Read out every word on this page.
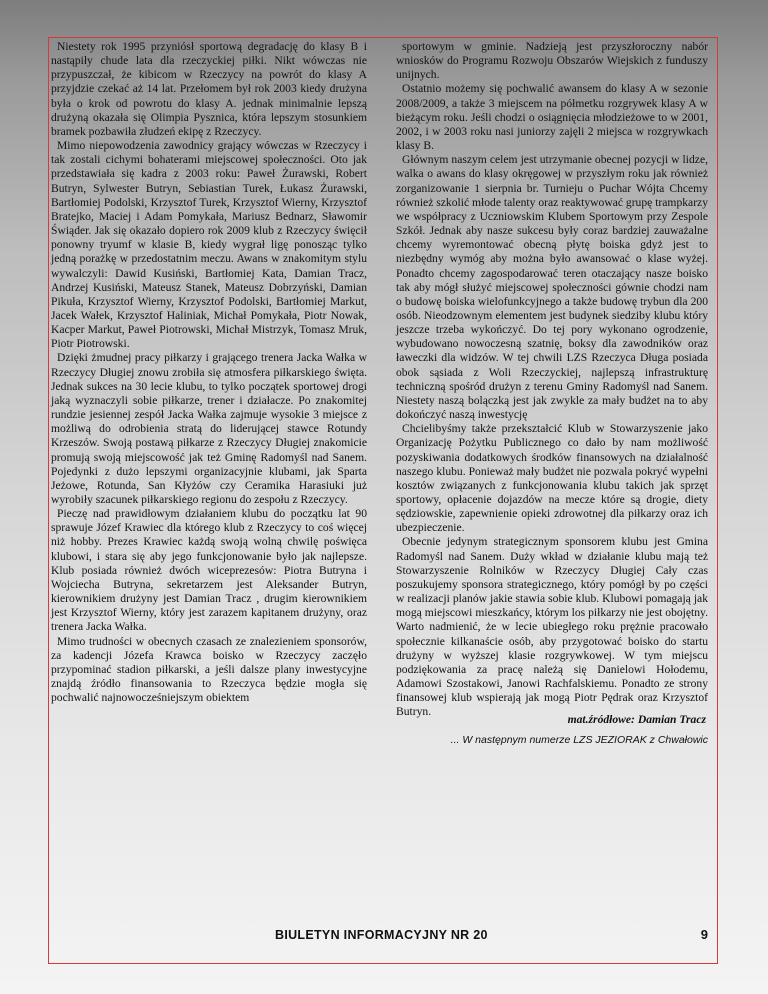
Niestety rok 1995 przyniósł sportową degradację do klasy B i nastąpiły chude lata dla rzeczyckiej piłki. Nikt wówczas nie przypuszczał, że kibicom w Rzeczycy na powrót do klasy A przyjdzie czekać aż 14 lat. Przełomem był rok 2003 kiedy drużyna była o krok od powrotu do klasy A. jednak minimalnie lepszą drużyną okazała się Olimpia Pysznica, która lepszym stosunkiem bramek pozbawiła złudzeń ekipę z Rzeczycy.

Mimo niepowodzenia zawodnicy grający wówczas w Rzeczycy i tak zostali cichymi bohaterami miejscowej społeczności. Oto jak przedstawiała się kadra z 2003 roku: Paweł Żurawski, Robert Butryn, Sylwester Butryn, Sebiastian Turek, Łukasz Żurawski, Bartłomiej Podolski, Krzysztof Turek, Krzysztof Wierny, Krzysztof Bratejko, Maciej i Adam Pomykała, Mariusz Bednarz, Sławomir Świąder. Jak się okazało dopiero rok 2009 klub z Rzeczycy święcił ponowny tryumf w klasie B, kiedy wygrał ligę ponosząc tylko jedną porażkę w przedostatnim meczu. Awans w znakomitym stylu wywalczyli: Dawid Kusiński, Bartłomiej Kata, Damian Tracz, Andrzej Kusiński, Mateusz Stanek, Mateusz Dobrzyński, Damian Pikuła, Krzysztof Wierny, Krzysztof Podolski, Bartłomiej Markut, Jacek Wałek, Krzysztof Haliniak, Michał Pomykała, Piotr Nowak, Kacper Markut, Paweł Piotrowski, Michał Mistrzyk, Tomasz Mruk, Piotr Piotrowski.

Dzięki żmudnej pracy piłkarzy i grającego trenera Jacka Wałka w Rzeczycy Długiej znowu zrobiła się atmosfera piłkarskiego święta. Jednak sukces na 30 lecie klubu, to tylko początek sportowej drogi jaką wyznaczyli sobie piłkarze, trener i działacze. Po znakomitej rundzie jesiennej zespół Jacka Wałka zajmuje wysokie 3 miejsce z możliwą do odrobienia stratą do liderującej stawce Rotundy Krzeszów. Swoją postawą piłkarze z Rzeczycy Długiej znakomicie promują swoją miejscowość jak też Gminę Radomyśl nad Sanem. Pojedynki z dużo lepszymi organizacyjnie klubami, jak Sparta Jeżowe, Rotunda, San Kłyżów czy Ceramika Harasiuki już wyrobiły szacunek piłkarskiego regionu do zespołu z Rzeczycy.

Pieczę nad prawidłowym działaniem klubu do początku lat 90 sprawuje Józef Krawiec dla którego klub z Rzeczycy to coś więcej niż hobby. Prezes Krawiec każdą swoją wolną chwilę poświęca klubowi, i stara się aby jego funkcjonowanie było jak najlepsze. Klub posiada również dwóch wiceprezesów: Piotra Butryna i Wojciecha Butryna, sekretarzem jest Aleksander Butryn, kierownikiem drużyny jest Damian Tracz , drugim kierownikiem jest Krzysztof Wierny, który jest zarazem kapitanem drużyny, oraz trenera Jacka Wałka.

Mimo trudności w obecnych czasach ze znalezieniem sponsorów, za kadencji Józefa Krawca boisko w Rzeczycy zaczęło przypominać stadion piłkarski, a jeśli dalsze plany inwestycyjne znajdą źródło finansowania to Rzeczyca będzie mogła się pochwalić najnowocześniejszym obiektem

sportowym w gminie. Nadzieją jest przyszłoroczny nabór wniosków do Programu Rozwoju Obszarów Wiejskich z funduszy unijnych.

Ostatnio możemy się pochwalić awansem do klasy A w sezonie 2008/2009, a także 3 miejscem na półmetku rozgrywek klasy A w bieżącym roku. Jeśli chodzi o osiągnięcia młodzieżowe to w 2001, 2002, i w 2003 roku nasi juniorzy zajęli 2 miejsca w rozgrywkach klasy B.

Głównym naszym celem jest utrzymanie obecnej pozycji w lidze, walka o awans do klasy okręgowej w przyszłym roku jak również zorganizowanie 1 sierpnia br. Turnieju o Puchar Wójta Chcemy również szkolić młode talenty oraz reaktywować grupę trampkarzy we współpracy z Uczniowskim Klubem Sportowym przy Zespole Szkół. Jednak aby nasze sukcesu były coraz bardziej zauważalne chcemy wyremontować obecną płytę boiska gdyż jest to niezbędny wymóg aby można było awansować o klase wyżej. Ponadto chcemy zagospodarować teren otaczający nasze boisko tak aby mógł służyć miejscowej społeczności gównie chodzi nam o budowę boiska wielofunkcyjnego a także budowę trybun dla 200 osób. Nieodzownym elementem jest budynek siedziby klubu który jeszcze trzeba wykończyć. Do tej pory wykonano ogrodzenie, wybudowano nowoczesną szatnię, boksy dla zawodników oraz ławeczki dla widzów. W tej chwili LZS Rzeczyca Długa posiada obok sąsiada z Woli Rzeczyckiej, najlepszą infrastrukturę techniczną spośród drużyn z terenu Gminy Radomyśl nad Sanem. Niestety naszą bolączką jest jak zwykle za mały budżet na to aby dokończyć naszą inwestycję

Chcielibyśmy także przekształcić Klub w Stowarzyszenie jako Organizację Pożytku Publicznego co dało by nam możliwość pozyskiwania dodatkowych środków finansowych na działalność naszego klubu. Ponieważ mały budżet nie pozwala pokryć wypełni kosztów związanych z funkcjonowania klubu takich jak sprzęt sportowy, opłacenie dojazdów na mecze które są drogie, diety sędziowskie, zapewnienie opieki zdrowotnej dla piłkarzy oraz ich ubezpieczenie.

Obecnie jedynym strategicznym sponsorem klubu jest Gmina Radomyśl nad Sanem. Duży wkład w działanie klubu mają też Stowarzyszenie Rolników w Rzeczycy Długiej Cały czas poszukujemy sponsora strategicznego, który pomógł by po części w realizacji planów jakie stawia sobie klub. Klubowi pomagają jak mogą miejscowi mieszkańcy, którym los piłkarzy nie jest obojętny. Warto nadmienić, że w lecie ubiegłego roku prężnie pracowało społecznie kilkanaście osób, aby przygotować boisko do startu drużyny w wyższej klasie rozgrywkowej. W tym miejscu podziękowania za pracę należą się Danielowi Hołodemu, Adamowi Szostakowi, Janowi Rachfalskiemu. Ponadto ze strony finansowej klub wspierają jak mogą Piotr Pędrak oraz Krzysztof Butryn.

mat.źródłowe: Damian Tracz
... W następnym numerze LZS JEZIORAK z Chwałowic
BIULETYN INFORMACYJNY NR 20	9
